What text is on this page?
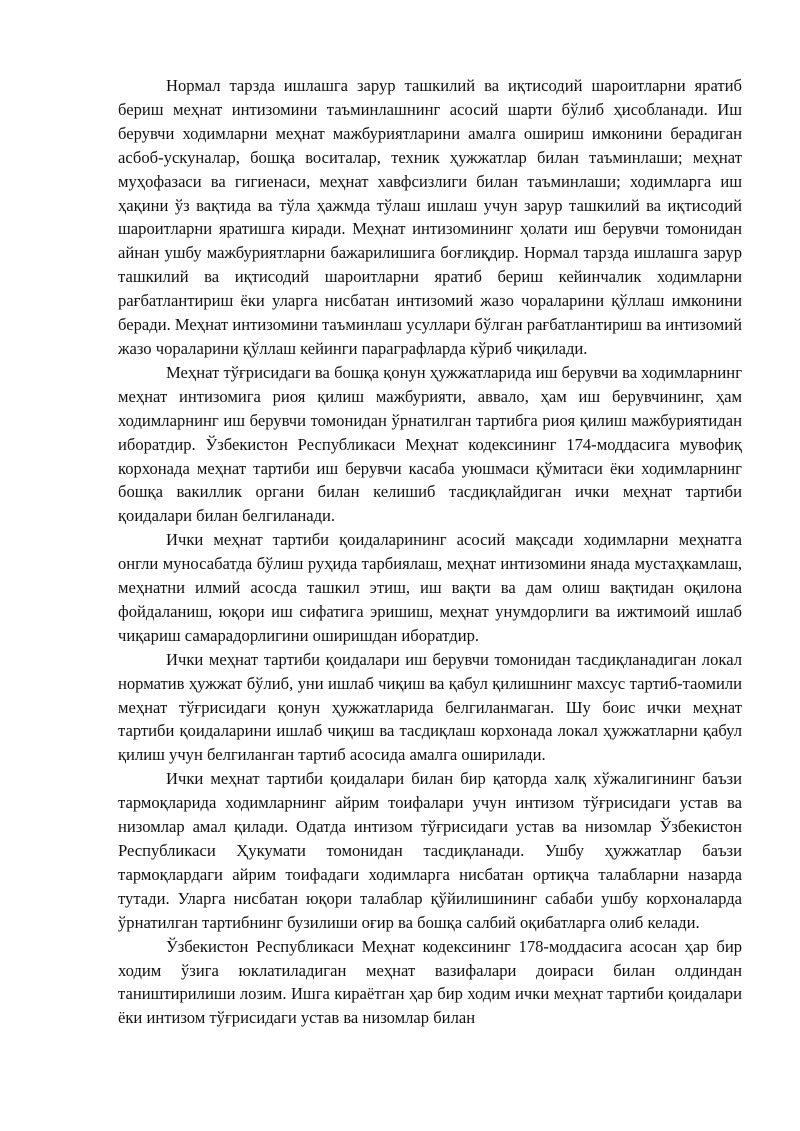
Нормал тарзда ишлашга зарур ташкилий ва иқтисодий шароитларни яратиб бериш меҳнат интизомини таъминлашнинг асосий шарти бўлиб ҳисобланади. Иш берувчи ходимларни меҳнат мажбуриятларини амалга ошириш имконини берадиган асбоб-ускуналар, бошқа воситалар, техник ҳужжатлар билан таъминлаши; меҳнат муҳофазаси ва гигиенаси, меҳнат хавфсизлиги билан таъминлаши; ходимларга иш ҳақини ўз вақтида ва тўла ҳажмда тўлаш ишлаш учун зарур ташкилий ва иқтисодий шароитларни яратишга киради. Меҳнат интизомининг ҳолати иш берувчи томонидан айнан ушбу мажбуриятларни бажарилишига боғлиқдир. Нормал тарзда ишлашга зарур ташкилий ва иқтисодий шароитларни яратиб бериш кейинчалик ходимларни рағбатлантириш ёки уларга нисбатан интизомий жазо чораларини қўллаш имконини беради. Меҳнат интизомини таъминлаш усуллари бўлган рағбатлантириш ва интизомий жазо чораларини қўллаш кейинги параграфларда кўриб чиқилади.

Меҳнат тўғрисидаги ва бошқа қонун ҳужжатларида иш берувчи ва ходимларнинг меҳнат интизомига риоя қилиш мажбурияти, аввало, ҳам иш берувчининг, ҳам ходимларнинг иш берувчи томонидан ўрнатилган тартибга риоя қилиш мажбуриятидан иборатдир. Ўзбекистон Республикаси Меҳнат кодексининг 174-моддасига мувофиқ корхонада меҳнат тартиби иш берувчи касаба уюшмаси қўмитаси ёки ходимларнинг бошқа вакиллик органи билан келишиб тасдиқлайдиган ички меҳнат тартиби қоидалари билан белгиланади.

Ички меҳнат тартиби қоидаларининг асосий мақсади ходимларни меҳнатга онгли муносабатда бўлиш руҳида тарбиялаш, меҳнат интизомини янада мустаҳкамлаш, меҳнатни илмий асосда ташкил этиш, иш вақти ва дам олиш вақтидан оқилона фойдаланиш, юқори иш сифатига эришиш, меҳнат унумдорлиги ва ижтимоий ишлаб чиқариш самарадорлигини оширишдан иборатдир.

Ички меҳнат тартиби қоидалари иш берувчи томонидан тасдиқланадиган локал норматив ҳужжат бўлиб, уни ишлаб чиқиш ва қабул қилишнинг махсус тартиб-таомили меҳнат тўғрисидаги қонун ҳужжатларида белгиланмаган. Шу боис ички меҳнат тартиби қоидаларини ишлаб чиқиш ва тасдиқлаш корхонада локал ҳужжатларни қабул қилиш учун белгиланган тартиб асосида амалга оширилади.

Ички меҳнат тартиби қоидалари билан бир қаторда халқ хўжалигининг баъзи тармоқларида ходимларнинг айрим тоифалари учун интизом тўғрисидаги устав ва низомлар амал қилади. Одатда интизом тўғрисидаги устав ва низомлар Ўзбекистон Республикаси Ҳукумати томонидан тасдиқланади. Ушбу ҳужжатлар баъзи тармоқлардаги айрим тоифадаги ходимларга нисбатан ортиқча талабларни назарда тутади. Уларга нисбатан юқори талаблар қўйилишининг сабаби ушбу корхоналарда ўрнатилган тартибнинг бузилиши оғир ва бошқа салбий оқибатларга олиб келади.

Ўзбекистон Республикаси Меҳнат кодексининг 178-моддасига асосан ҳар бир ходим ўзига юклатиладиган меҳнат вазифалари доираси билан олдиндан таништирилиши лозим. Ишга кираётган ҳар бир ходим ички меҳнат тартиби қоидалари ёки интизом тўғрисидаги устав ва низомлар билан
